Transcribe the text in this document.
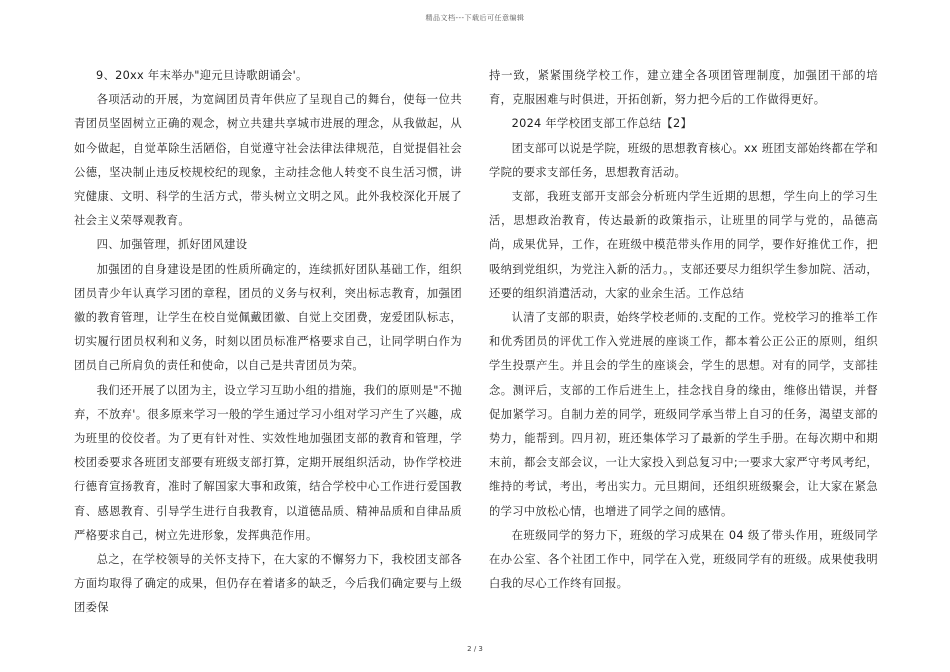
精品文档---下载后可任意编辑

9、20xx 年末举办"迎元旦诗歌朗诵会'。

各项活动的开展，为宽阔团员青年供应了呈现自己的舞台，使每一位共青团员坚固树立正确的观念，树立共建共享城市进展的理念，从我做起，从如今做起，自觉革除生活陋俗，自觉遵守社会法律法律规范，自觉提倡社会公德，坚决制止违反校规校纪的现象，主动挂念他人转变不良生活习惯，讲究健康、文明、科学的生活方式，带头树立文明之风。此外我校深化开展了社会主义荣辱观教育。

四、加强管理，抓好团风建设

加强团的自身建设是团的性质所确定的，连续抓好团队基础工作，组织团员青少年认真学习团的章程，团员的义务与权利，突出标志教育，加强团徽的教育管理，让学生在校自觉佩戴团徽、自觉上交团费，宠爱团队标志，切实履行团员权利和义务，时刻以团员标准严格要求自己，让同学明白作为团员自己所肩负的责任和使命，以自己是共青团员为荣。

我们还开展了以团为主，设立学习互助小组的措施，我们的原则是"不抛弃，不放弃'。很多原来学习一般的学生通过学习小组对学习产生了兴趣，成为班里的佼佼者。为了更有针对性、实效性地加强团支部的教育和管理，学校团委要求各班团支部要有班级支部打算，定期开展组织活动，协作学校进行德育宣扬教育，准时了解国家大事和政策，结合学校中心工作进行爱国教育、感恩教育、引导学生进行自我教育，以道德品质、精神品质和自律品质严格要求自己，树立先进形象，发挥典范作用。

总之，在学校领导的关怀支持下，在大家的不懈努力下，我校团支部各方面均取得了确定的成果，但仍存在着诸多的缺乏，今后我们确定要与上级团委保

持一致，紧紧围绕学校工作，建立建全各项团管理制度，加强团干部的培育，克服困难与时俱进，开拓创新，努力把今后的工作做得更好。

2024 年学校团支部工作总结【2】

团支部可以说是学院，班级的思想教育核心。xx 班团支部始终都在学和学院的要求支部任务，思想教育活动。

支部，我班支部开支部会分析班内学生近期的思想，学生向上的学习生活，思想政治教育，传达最新的政策指示，让班里的同学与党的，品德高尚，成果优异，工作，在班级中模范带头作用的同学，要作好推优工作，把吸纳到党组织，为党注入新的活力。，支部还要尽力组织学生参加院、活动，还要的组织消遣活动，大家的业余生活。工作总结

认清了支部的职责，始终学校老师的.支配的工作。党校学习的推举工作和优秀团员的评优工作入党进展的座谈工作，都本着公正公正的原则，组织学生投票产生。并且会的学生的座谈会，学生的思想。对有的同学，支部挂念。测评后，支部的工作后进生上，挂念找自身的缘由，维修出错误，并督促加紧学习。自制力差的同学，班级同学承当带上自习的任务，渴望支部的势力，能帮到。四月初，班还集体学习了最新的学生手册。在每次期中和期末前，都会支部会议，一让大家投入到总复习中;一要求大家严守考风考纪，维持的考试，考出，考出实力。元旦期间，还组织班级聚会，让大家在紧急的学习中放松心情，也增进了同学之间的感情。

在班级同学的努力下，班级的学习成果在 04 级了带头作用，班级同学在办公室、各个社团工作中，同学在入党，班级同学有的班级。成果使我明白我的尽心工作终有回报。

2 / 3
